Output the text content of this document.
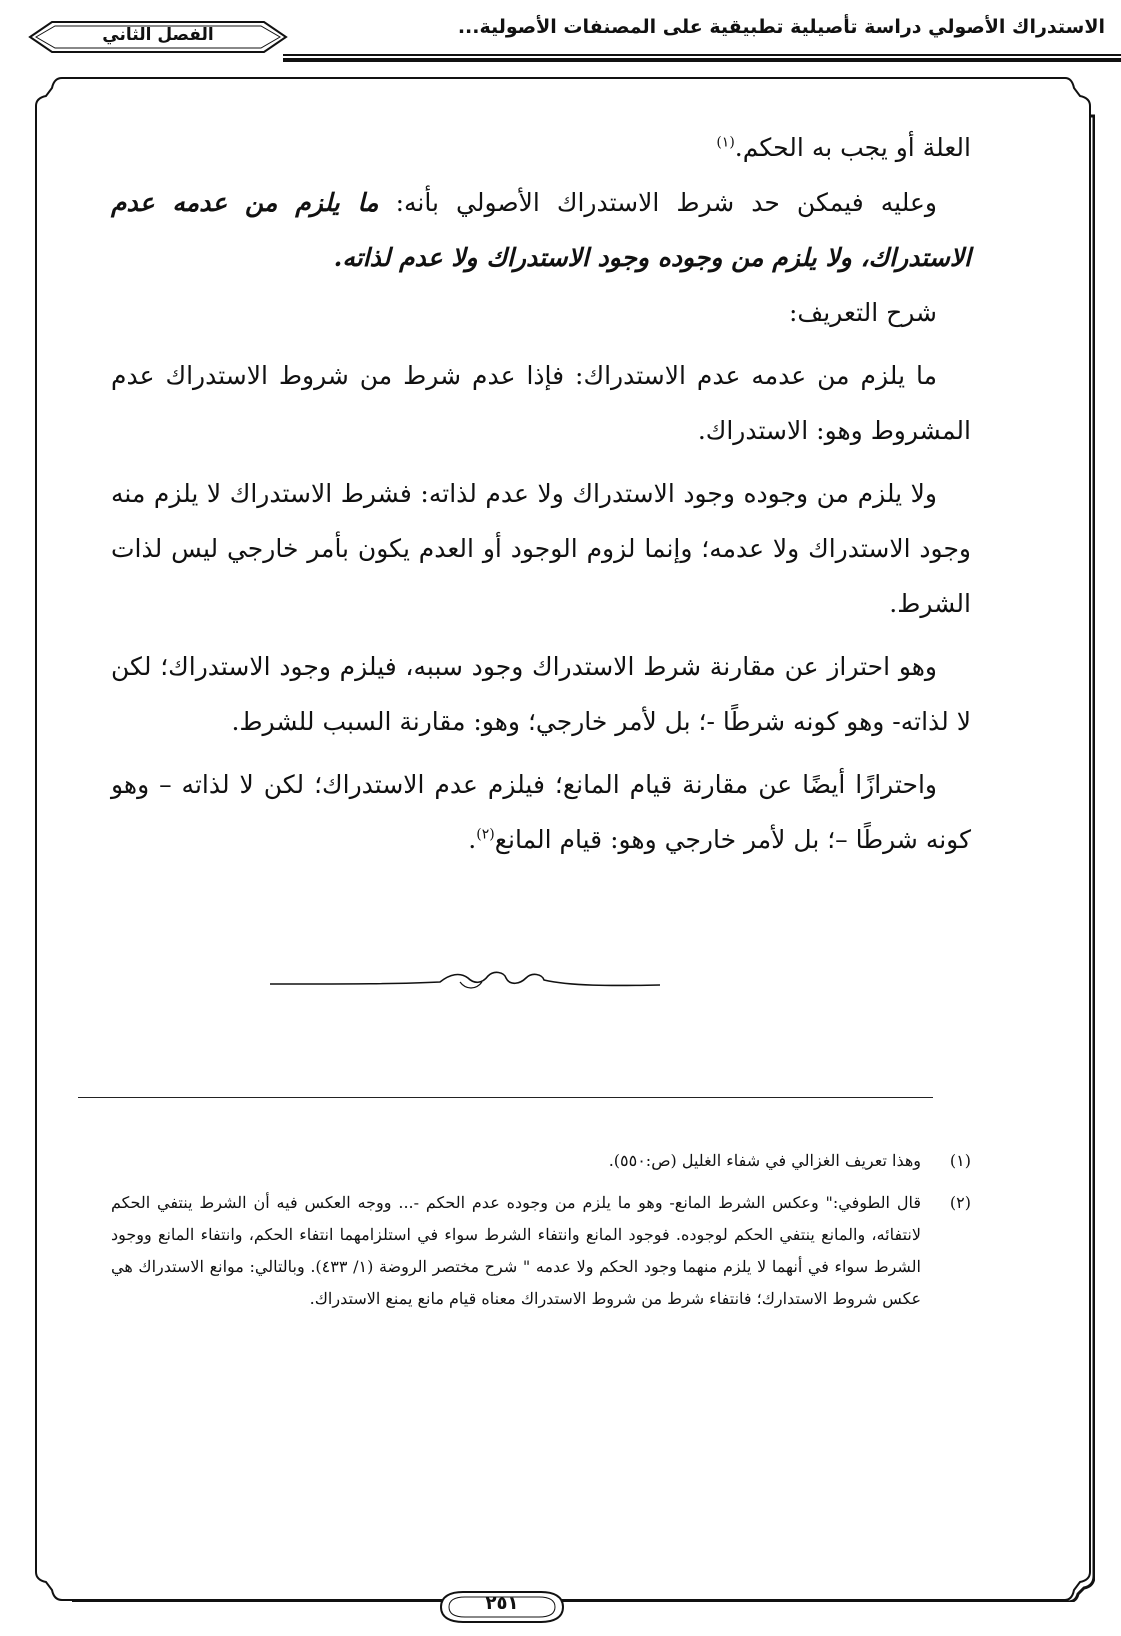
الاستدراك الأصولي دراسة تأصيلية تطبيقية على المصنفات الأصولية...
الفصل الثاني

العلة أو يجب به الحكم.$^{(١)}$

وعليه فيمكن حد شرط الاستدراك الأصولي بأنه: ما يلزم من عدمه عدم الاستدراك، ولا يلزم من وجوده وجود الاستدراك ولا عدم لذاته.

شرح التعريف:

ما يلزم من عدمه عدم الاستدراك: فإذا عدم شرط من شروط الاستدراك عدم المشروط وهو: الاستدراك.

ولا يلزم من وجوده وجود الاستدراك ولا عدم لذاته: فشرط الاستدراك لا يلزم منه وجود الاستدراك ولا عدمه؛ وإنما لزوم الوجود أو العدم يكون بأمر خارجي ليس لذات الشرط.

وهو احتراز عن مقارنة شرط الاستدراك وجود سببه، فيلزم وجود الاستدراك؛ لكن لا لذاته- وهو كونه شرطًا -؛ بل لأمر خارجي؛ وهو: مقارنة السبب للشرط.

واحترازًا أيضًا عن مقارنة قيام المانع؛ فيلزم عدم الاستدراك؛ لكن لا لذاته – وهو كونه شرطًا –؛ بل لأمر خارجي وهو: قيام المانع$^{(٢)}$.

(١)
وهذا تعريف الغزالي في شفاء الغليل (ص:٥٥٠).
(٢)
قال الطوفي:" وعكس الشرط المانع- وهو ما يلزم من وجوده عدم الحكم -... ووجه العكس فيه أن الشرط ينتفي الحكم لانتفائه، والمانع ينتفي الحكم لوجوده. فوجود المانع وانتفاء الشرط سواء في استلزامهما انتفاء الحكم، وانتفاء المانع ووجود الشرط سواء في أنهما لا يلزم منهما وجود الحكم ولا عدمه " شرح مختصر الروضة (١/ ٤٣٣). وبالتالي: موانع الاستدراك هي عكس شروط الاستدارك؛ فانتفاء شرط من شروط الاستدراك معناه قيام مانع يمنع الاستدراك.
٢٥١
